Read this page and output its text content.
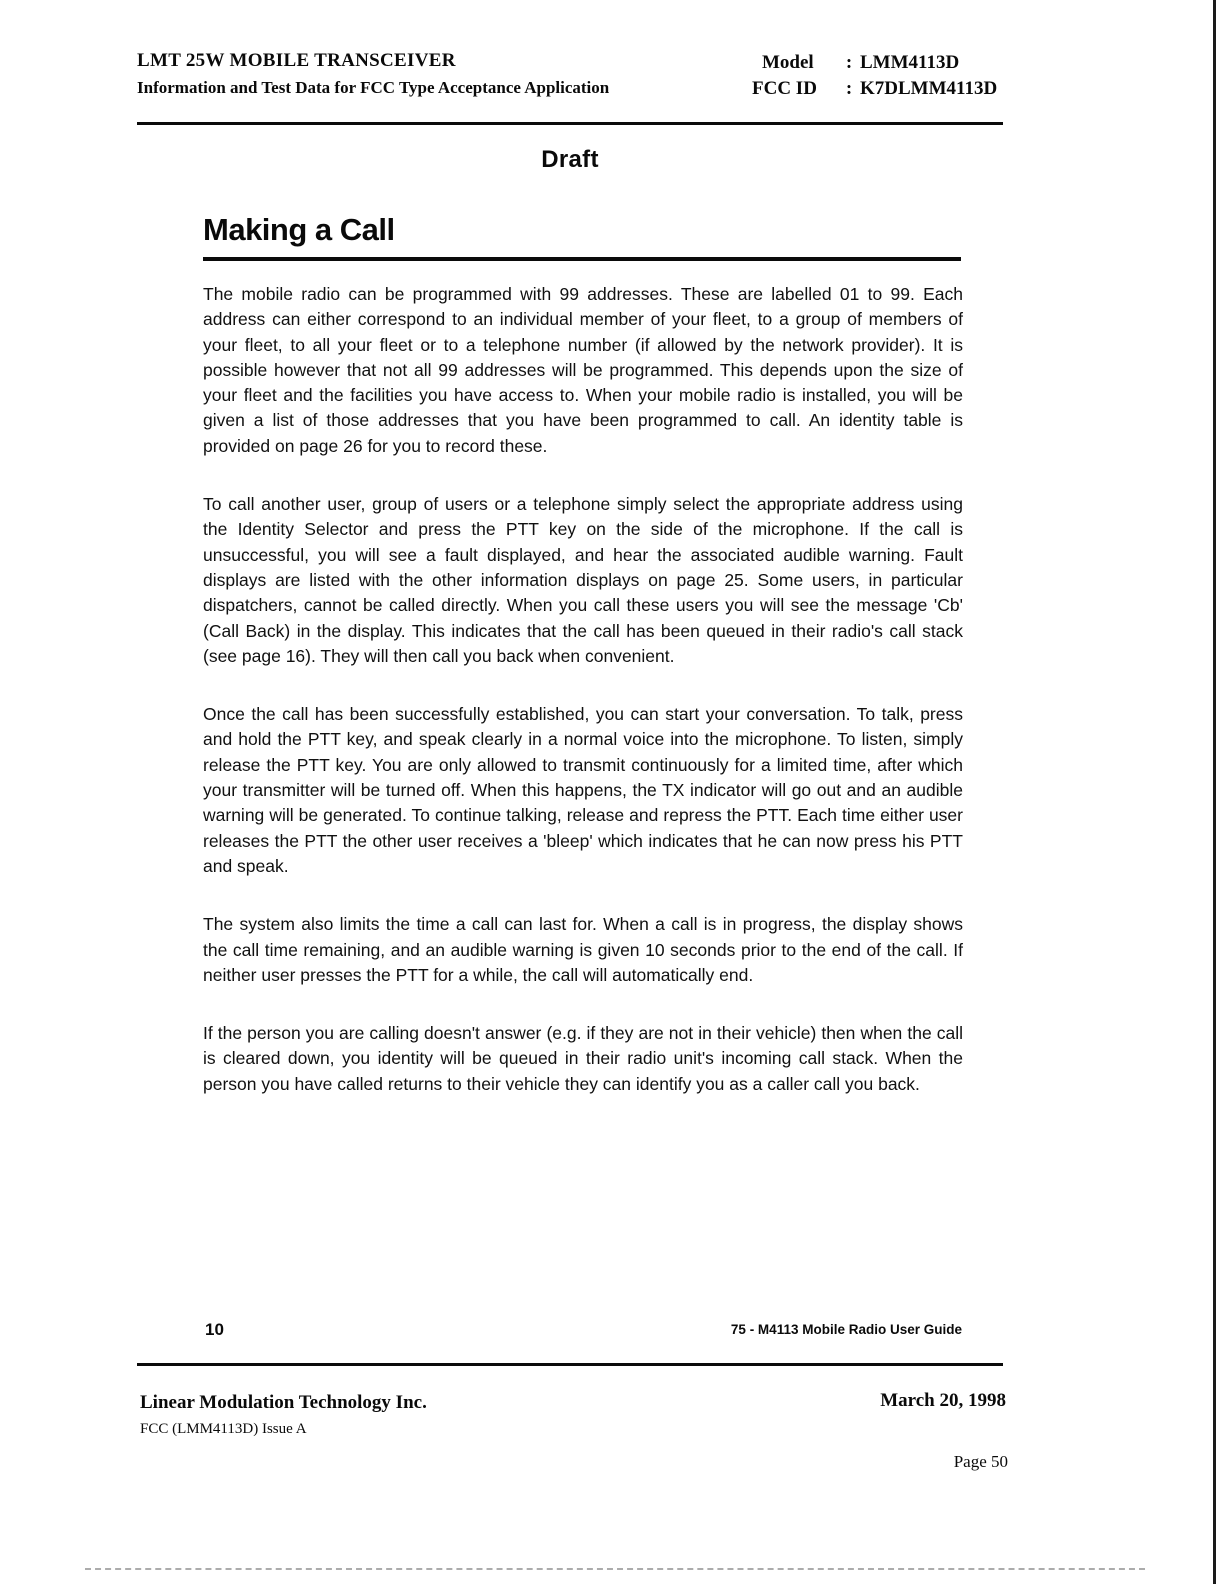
LMT 25W MOBILE TRANSCEIVER
Information and Test Data for FCC Type Acceptance Application
Model	: LMM4113D
FCC ID	: K7DLMM4113D
Draft
Making a Call

The mobile radio can be programmed with 99 addresses. These are labelled 01 to 99. Each address can either correspond to an individual member of your fleet, to a group of members of your fleet, to all your fleet or to a telephone number (if allowed by the network provider). It is possible however that not all 99 addresses will be programmed. This depends upon the size of your fleet and the facilities you have access to. When your mobile radio is installed, you will be given a list of those addresses that you have been programmed to call. An identity table is provided on page 26 for you to record these.

To call another user, group of users or a telephone simply select the appropriate address using the Identity Selector and press the PTT key on the side of the microphone. If the call is unsuccessful, you will see a fault displayed, and hear the associated audible warning. Fault displays are listed with the other information displays on page 25. Some users, in particular dispatchers, cannot be called directly. When you call these users you will see the message 'Cb' (Call Back) in the display. This indicates that the call has been queued in their radio's call stack (see page 16). They will then call you back when convenient.

Once the call has been successfully established, you can start your conversation. To talk, press and hold the PTT key, and speak clearly in a normal voice into the microphone. To listen, simply release the PTT key. You are only allowed to transmit continuously for a limited time, after which your transmitter will be turned off. When this happens, the TX indicator will go out and an audible warning will be generated. To continue talking, release and repress the PTT. Each time either user releases the PTT the other user receives a 'bleep' which indicates that he can now press his PTT and speak.

The system also limits the time a call can last for. When a call is in progress, the display shows the call time remaining, and an audible warning is given 10 seconds prior to the end of the call. If neither user presses the PTT for a while, the call will automatically end.

If the person you are calling doesn't answer (e.g. if they are not in their vehicle) then when the call is cleared down, you identity will be queued in their radio unit's incoming call stack. When the person you have called returns to their vehicle they can identify you as a caller call you back.

10	75 - M4113 Mobile Radio User Guide
Linear Modulation Technology Inc.
FCC (LMM4113D) Issue A
March 20, 1998
Page 50
